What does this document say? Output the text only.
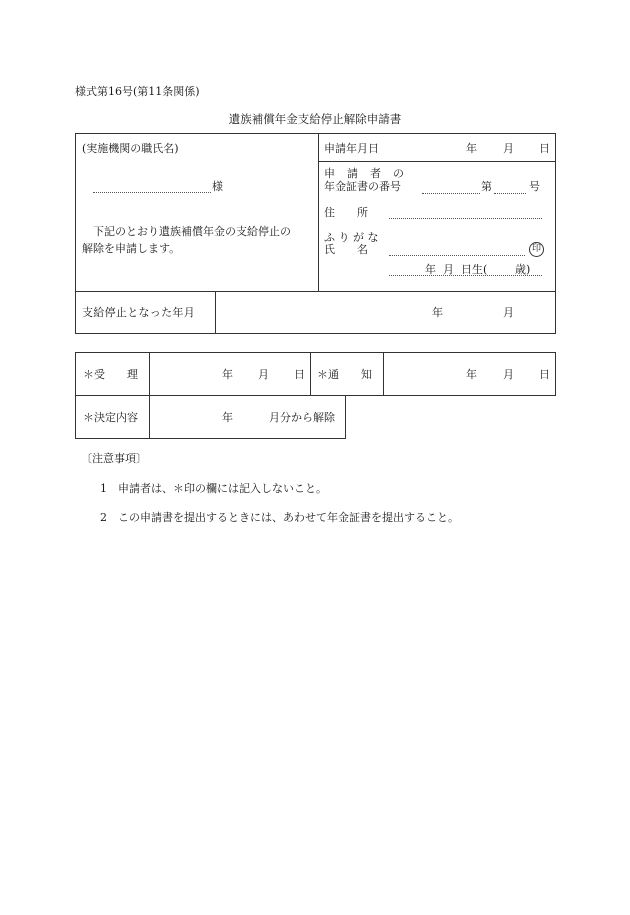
様式第16号(第11条関係)
遺族補償年金支給停止解除申請書
(実施機関の職氏名)
様
下記のとおり遺族補償年金の支給停止の
解除を申請します。
申請年月日	年 月 日
申　請　者　の
年金証書の番号	第	号
住　　所
ふ り が な
氏　　名	印
年 月 日生(	歳)
支給停止となった年月	年	月
＊受　　理	年 月 日 ＊通　　知	年 月 日
＊決定内容	年	月分から解除
〔注意事項〕
1 申請者は、＊印の欄には記入しないこと。
2 この申請書を提出するときには、あわせて年金証書を提出すること。
